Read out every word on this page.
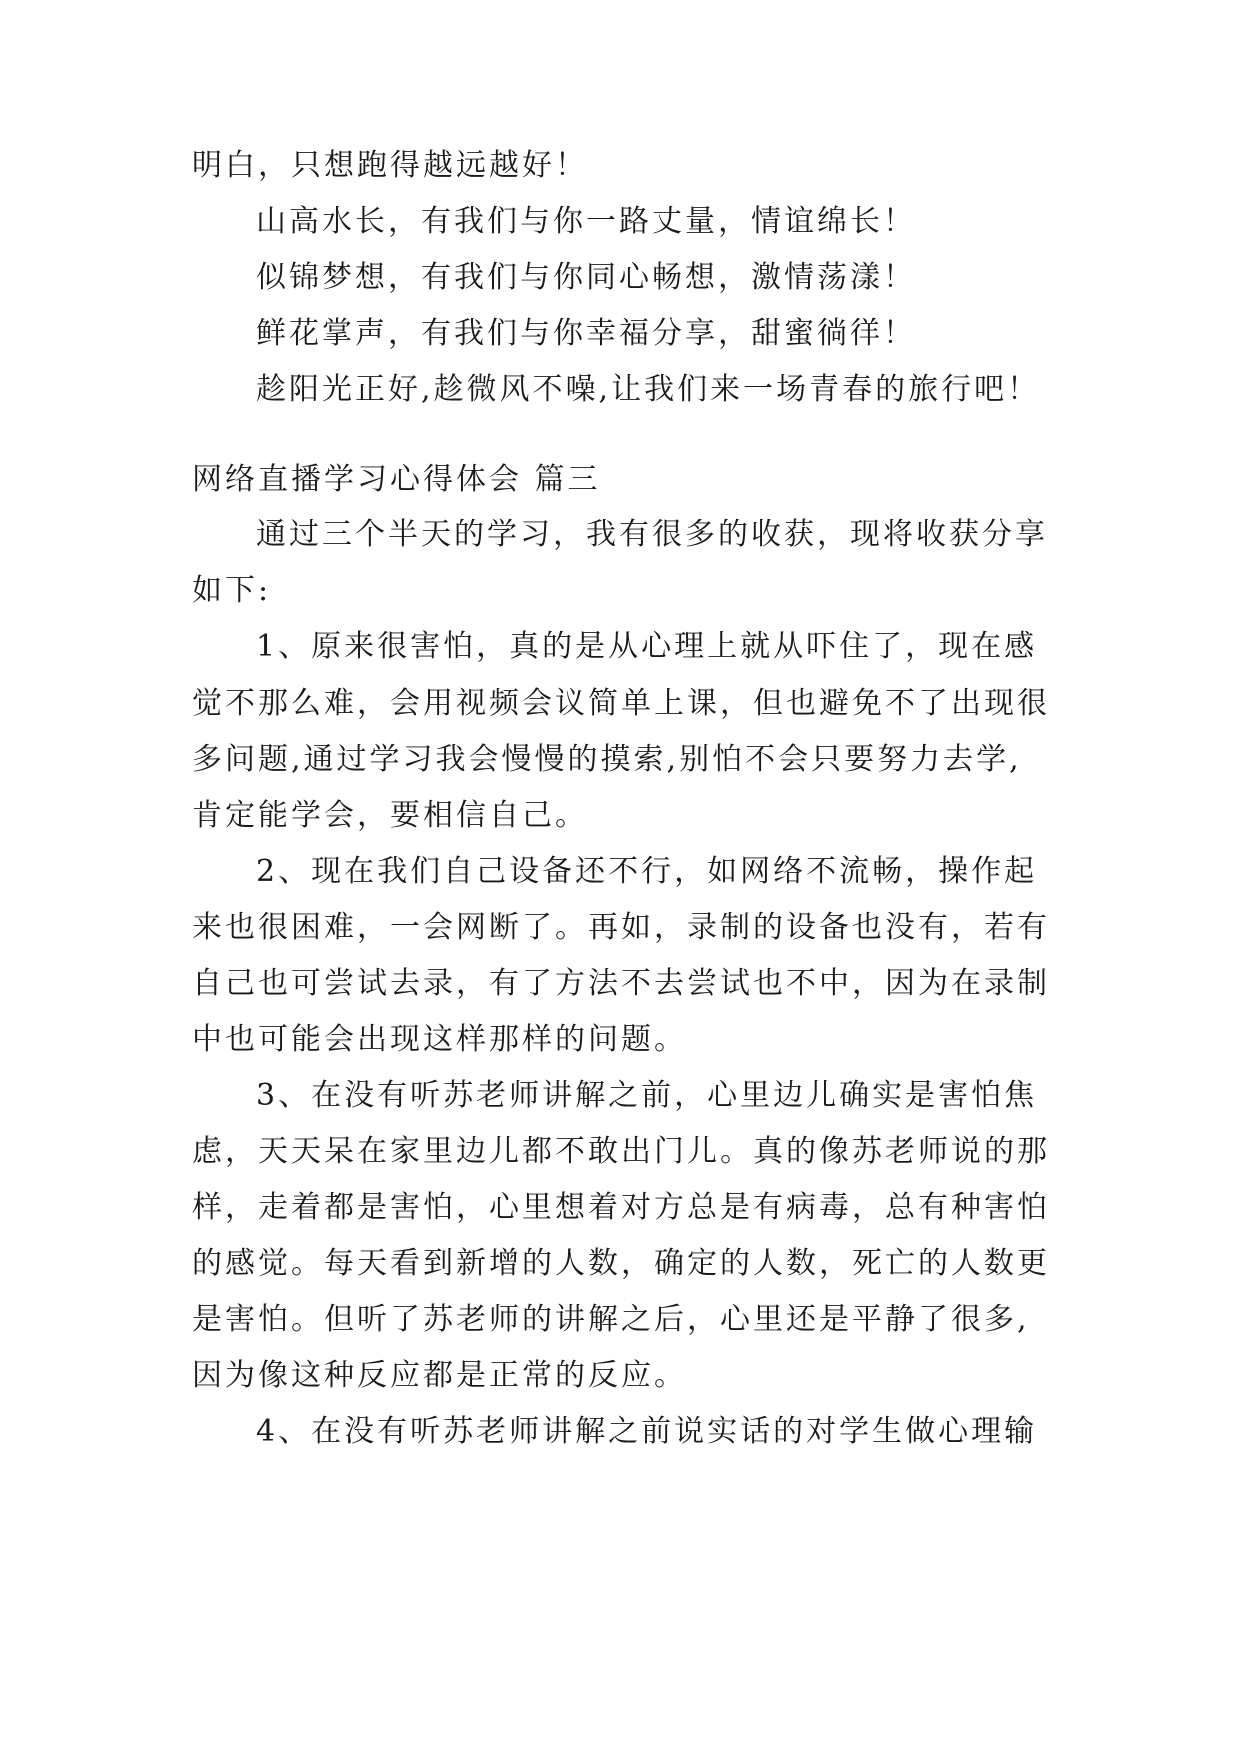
明白，只想跑得越远越好！
山高水长，有我们与你一路丈量，情谊绵长！
似锦梦想，有我们与你同心畅想，激情荡漾！
鲜花掌声，有我们与你幸福分享，甜蜜徜徉！
趁阳光正好,趁微风不噪,让我们来一场青春的旅行吧！
网络直播学习心得体会 篇三
通过三个半天的学习，我有很多的收获，现将收获分享
如下:
1、原来很害怕，真的是从心理上就从吓住了，现在感
觉不那么难，会用视频会议简单上课，但也避免不了出现很
多问题,通过学习我会慢慢的摸索,别怕不会只要努力去学,
肯定能学会，要相信自己。
2、现在我们自己设备还不行，如网络不流畅，操作起
来也很困难，一会网断了。再如，录制的设备也没有，若有
自己也可尝试去录，有了方法不去尝试也不中，因为在录制
中也可能会出现这样那样的问题。
3、在没有听苏老师讲解之前，心里边儿确实是害怕焦
虑，天天呆在家里边儿都不敢出门儿。真的像苏老师说的那
样，走着都是害怕，心里想着对方总是有病毒，总有种害怕
的感觉。每天看到新增的人数，确定的人数，死亡的人数更
是害怕。但听了苏老师的讲解之后，心里还是平静了很多,
因为像这种反应都是正常的反应。
4、在没有听苏老师讲解之前说实话的对学生做心理输
